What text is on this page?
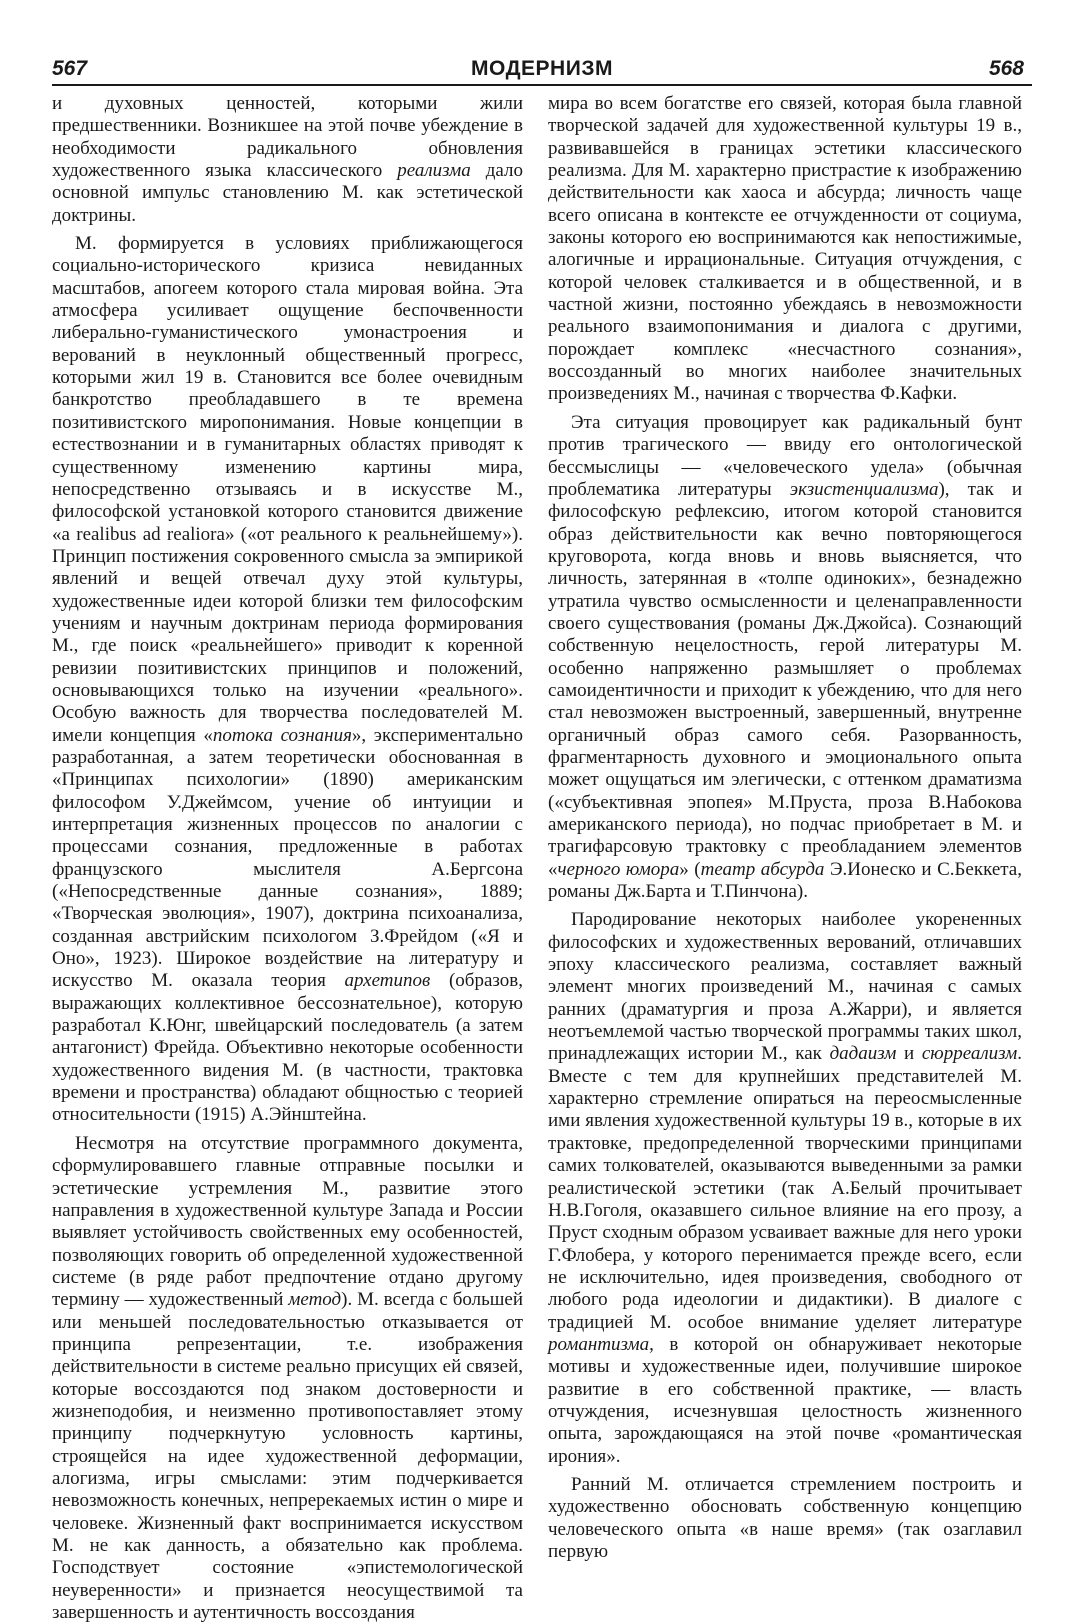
567	МОДЕРНИЗМ	568

и духовных ценностей, которыми жили предшественники. Возникшее на этой почве убеждение в необходимости радикального обновления художественного языка классического реализма дало основной импульс становлению М. как эстетической доктрины.

М. формируется в условиях приближающегося социально-исторического кризиса невиданных масштабов, апогеем которого стала мировая война. Эта атмосфера усиливает ощущение беспочвенности либерально-гуманистического умонастроения и верований в неуклонный общественный прогресс, которыми жил 19 в. Становится все более очевидным банкротство преобладавшего в те времена позитивистского миропонимания. Новые концепции в естествознании и в гуманитарных областях приводят к существенному изменению картины мира, непосредственно отзываясь и в искусстве М., философской установкой которого становится движение «a realibus ad realiora» («от реального к реальнейшему»). Принцип постижения сокровенного смысла за эмпирикой явлений и вещей отвечал духу этой культуры, художественные идеи которой близки тем философским учениям и научным доктринам периода формирования М., где поиск «реальнейшего» приводит к коренной ревизии позитивистских принципов и положений, основывающихся только на изучении «реального». Особую важность для творчества последователей М. имели концепция «потока сознания», экспериментально разработанная, а затем теоретически обоснованная в «Принципах психологии» (1890) американским философом У.Джеймсом, учение об интуиции и интерпретация жизненных процессов по аналогии с процессами сознания, предложенные в работах французского мыслителя А.Бергсона («Непосредственные данные сознания», 1889; «Творческая эволюция», 1907), доктрина психоанализа, созданная австрийским психологом З.Фрейдом («Я и Оно», 1923). Широкое воздействие на литературу и искусство М. оказала теория архетипов (образов, выражающих коллективное бессознательное), которую разработал К.Юнг, швейцарский последователь (а затем антагонист) Фрейда. Объективно некоторые особенности художественного видения М. (в частности, трактовка времени и пространства) обладают общностью с теорией относительности (1915) А.Эйнштейна.

Несмотря на отсутствие программного документа, сформулировавшего главные отправные посылки и эстетические устремления М., развитие этого направления в художественной культуре Запада и России выявляет устойчивость свойственных ему особенностей, позволяющих говорить об определенной художественной системе (в ряде работ предпочтение отдано другому термину — художественный метод). М. всегда с большей или меньшей последовательностью отказывается от принципа репрезентации, т.е. изображения действительности в системе реально присущих ей связей, которые воссоздаются под знаком достоверности и жизнеподобия, и неизменно противопоставляет этому принципу подчеркнутую условность картины, строящейся на идее художественной деформации, алогизма, игры смыслами: этим подчеркивается невозможность конечных, непререкаемых истин о мире и человеке. Жизненный факт воспринимается искусством М. не как данность, а обязательно как проблема. Господствует состояние «эпистемологической неуверенности» и признается неосуществимой та завершенность и аутентичность воссоздания

мира во всем богатстве его связей, которая была главной творческой задачей для художественной культуры 19 в., развивавшейся в границах эстетики классического реализма. Для М. характерно пристрастие к изображению действительности как хаоса и абсурда; личность чаще всего описана в контексте ее отчужденности от социума, законы которого ею воспринимаются как непостижимые, алогичные и иррациональные. Ситуация отчуждения, с которой человек сталкивается и в общественной, и в частной жизни, постоянно убеждаясь в невозможности реального взаимопонимания и диалога с другими, порождает комплекс «несчастного сознания», воссозданный во многих наиболее значительных произведениях М., начиная с творчества Ф.Кафки.

Эта ситуация провоцирует как радикальный бунт против трагического — ввиду его онтологической бессмыслицы — «человеческого удела» (обычная проблематика литературы экзистенциализма), так и философскую рефлексию, итогом которой становится образ действительности как вечно повторяющегося круговорота, когда вновь и вновь выясняется, что личность, затерянная в «толпе одиноких», безнадежно утратила чувство осмысленности и целенаправленности своего существования (романы Дж.Джойса). Сознающий собственную нецелостность, герой литературы М. особенно напряженно размышляет о проблемах самоидентичности и приходит к убеждению, что для него стал невозможен выстроенный, завершенный, внутренне органичный образ самого себя. Разорванность, фрагментарность духовного и эмоционального опыта может ощущаться им элегически, с оттенком драматизма («субъективная эпопея» М.Пруста, проза В.Набокова американского периода), но подчас приобретает в М. и трагифарсовую трактовку с преобладанием элементов «черного юмора» (театр абсурда Э.Ионеско и С.Беккета, романы Дж.Барта и Т.Пинчона).

Пародирование некоторых наиболее укорененных философских и художественных верований, отличавших эпоху классического реализма, составляет важный элемент многих произведений М., начиная с самых ранних (драматургия и проза А.Жарри), и является неотъемлемой частью творческой программы таких школ, принадлежащих истории М., как дадаизм и сюрреализм. Вместе с тем для крупнейших представителей М. характерно стремление опираться на переосмысленные ими явления художественной культуры 19 в., которые в их трактовке, предопределенной творческими принципами самих толкователей, оказываются выведенными за рамки реалистической эстетики (так А.Белый прочитывает Н.В.Гоголя, оказавшего сильное влияние на его прозу, а Пруст сходным образом усваивает важные для него уроки Г.Флобера, у которого перенимается прежде всего, если не исключительно, идея произведения, свободного от любого рода идеологии и дидактики). В диалоге с традицией М. особое внимание уделяет литературе романтизма, в которой он обнаруживает некоторые мотивы и художественные идеи, получившие широкое развитие в его собственной практике, — власть отчуждения, исчезнувшая целостность жизненного опыта, зарождающаяся на этой почве «романтическая ирония».

Ранний М. отличается стремлением построить и художественно обосновать собственную концепцию человеческого опыта «в наше время» (так озаглавил первую
